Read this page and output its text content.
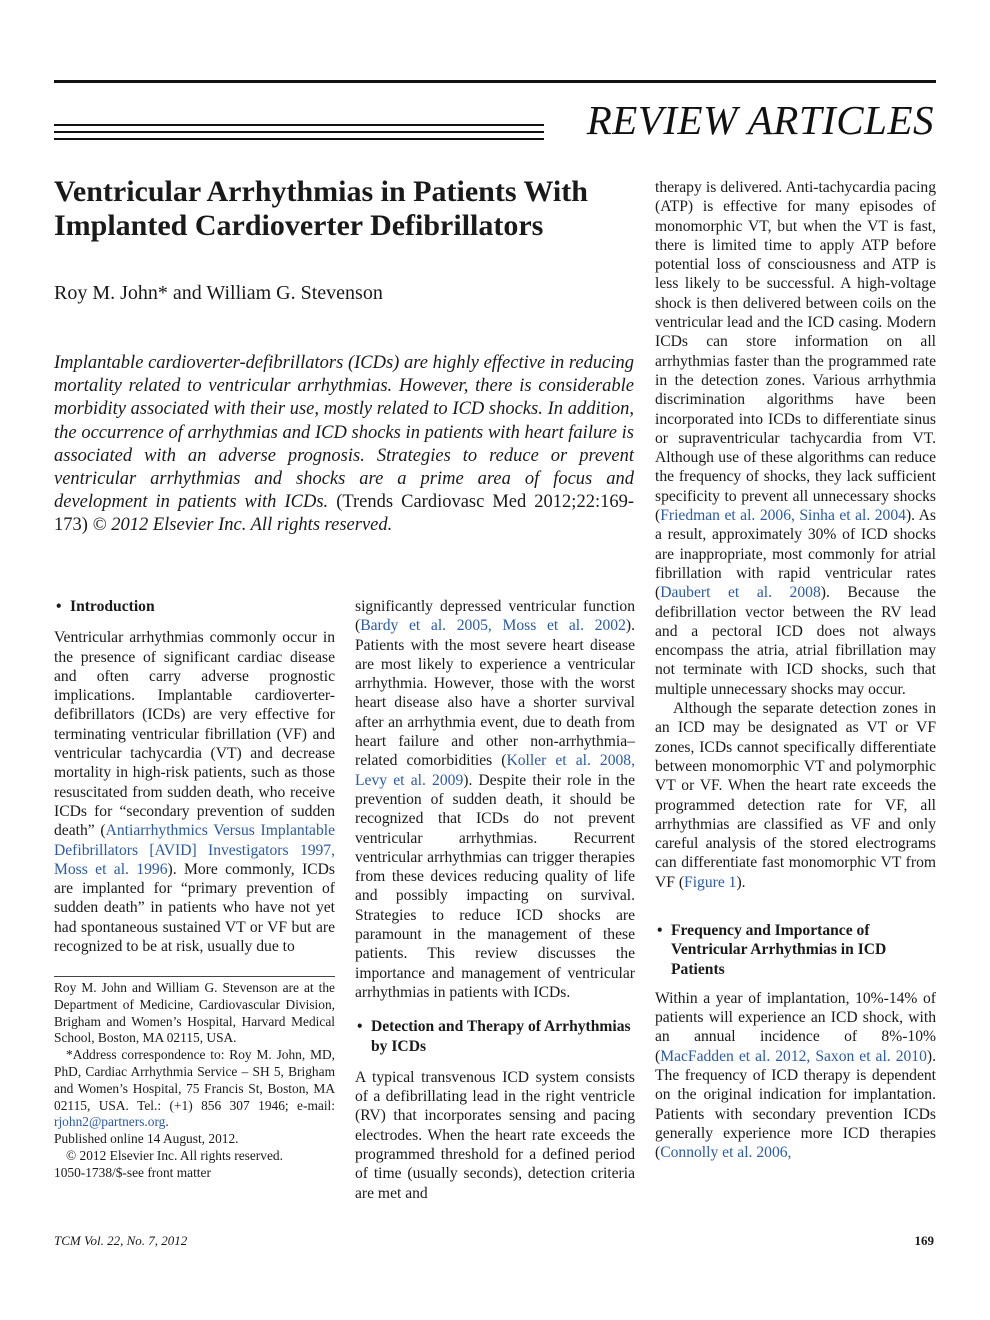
REVIEW ARTICLES
Ventricular Arrhythmias in Patients With Implanted Cardioverter Defibrillators
Roy M. John* and William G. Stevenson

Implantable cardioverter-defibrillators (ICDs) are highly effective in reducing mortality related to ventricular arrhythmias. However, there is considerable morbidity associated with their use, mostly related to ICD shocks. In addition, the occurrence of arrhythmias and ICD shocks in patients with heart failure is associated with an adverse prognosis. Strategies to reduce or prevent ventricular arrhythmias and shocks are a prime area of focus and development in patients with ICDs. (Trends Cardiovasc Med 2012;22:169-173) © 2012 Elsevier Inc. All rights reserved.

• Introduction

Ventricular arrhythmias commonly occur in the presence of significant cardiac disease and often carry adverse prognostic implications. Implantable cardioverter-defibrillators (ICDs) are very effective for terminating ventricular fibrillation (VF) and ventricular tachycardia (VT) and decrease mortality in high-risk patients, such as those resuscitated from sudden death, who receive ICDs for “secondary prevention of sudden death” (Antiarrhythmics Versus Implantable Defibrillators [AVID] Investigators 1997, Moss et al. 1996). More commonly, ICDs are implanted for “primary prevention of sudden death” in patients who have not yet had spontaneous sustained VT or VF but are recognized to be at risk, usually due to

Roy M. John and William G. Stevenson are at the Department of Medicine, Cardiovascular Division, Brigham and Women’s Hospital, Harvard Medical School, Boston, MA 02115, USA.

*Address correspondence to: Roy M. John, MD, PhD, Cardiac Arrhythmia Service – SH 5, Brigham and Women’s Hospital, 75 Francis St, Boston, MA 02115, USA. Tel.: (+1) 856 307 1946; e-mail: rjohn2@partners.org.

Published online 14 August, 2012.

© 2012 Elsevier Inc. All rights reserved.

1050-1738/$-see front matter

significantly depressed ventricular function (Bardy et al. 2005, Moss et al. 2002). Patients with the most severe heart disease are most likely to experience a ventricular arrhythmia. However, those with the worst heart disease also have a shorter survival after an arrhythmia event, due to death from heart failure and other non-arrhythmia–related comorbidities (Koller et al. 2008, Levy et al. 2009). Despite their role in the prevention of sudden death, it should be recognized that ICDs do not prevent ventricular arrhythmias. Recurrent ventricular arrhythmias can trigger therapies from these devices reducing quality of life and possibly impacting on survival. Strategies to reduce ICD shocks are paramount in the management of these patients. This review discusses the importance and management of ventricular arrhythmias in patients with ICDs.

• Detection and Therapy of Arrhythmias by ICDs

A typical transvenous ICD system consists of a defibrillating lead in the right ventricle (RV) that incorporates sensing and pacing electrodes. When the heart rate exceeds the programmed threshold for a defined period of time (usually seconds), detection criteria are met and

therapy is delivered. Anti-tachycardia pacing (ATP) is effective for many episodes of monomorphic VT, but when the VT is fast, there is limited time to apply ATP before potential loss of consciousness and ATP is less likely to be successful. A high-voltage shock is then delivered between coils on the ventricular lead and the ICD casing. Modern ICDs can store information on all arrhythmias faster than the programmed rate in the detection zones. Various arrhythmia discrimination algorithms have been incorporated into ICDs to differentiate sinus or supraventricular tachycardia from VT. Although use of these algorithms can reduce the frequency of shocks, they lack sufficient specificity to prevent all unnecessary shocks (Friedman et al. 2006, Sinha et al. 2004). As a result, approximately 30% of ICD shocks are inappropriate, most commonly for atrial fibrillation with rapid ventricular rates (Daubert et al. 2008). Because the defibrillation vector between the RV lead and a pectoral ICD does not always encompass the atria, atrial fibrillation may not terminate with ICD shocks, such that multiple unnecessary shocks may occur.

Although the separate detection zones in an ICD may be designated as VT or VF zones, ICDs cannot specifically differentiate between monomorphic VT and polymorphic VT or VF. When the heart rate exceeds the programmed detection rate for VF, all arrhythmias are classified as VF and only careful analysis of the stored electrograms can differentiate fast monomorphic VT from VF (Figure 1).

• Frequency and Importance of Ventricular Arrhythmias in ICD Patients

Within a year of implantation, 10%-14% of patients will experience an ICD shock, with an annual incidence of 8%-10% (MacFadden et al. 2012, Saxon et al. 2010). The frequency of ICD therapy is dependent on the original indication for implantation. Patients with secondary prevention ICDs generally experience more ICD therapies (Connolly et al. 2006,

TCM Vol. 22, No. 7, 2012	169
